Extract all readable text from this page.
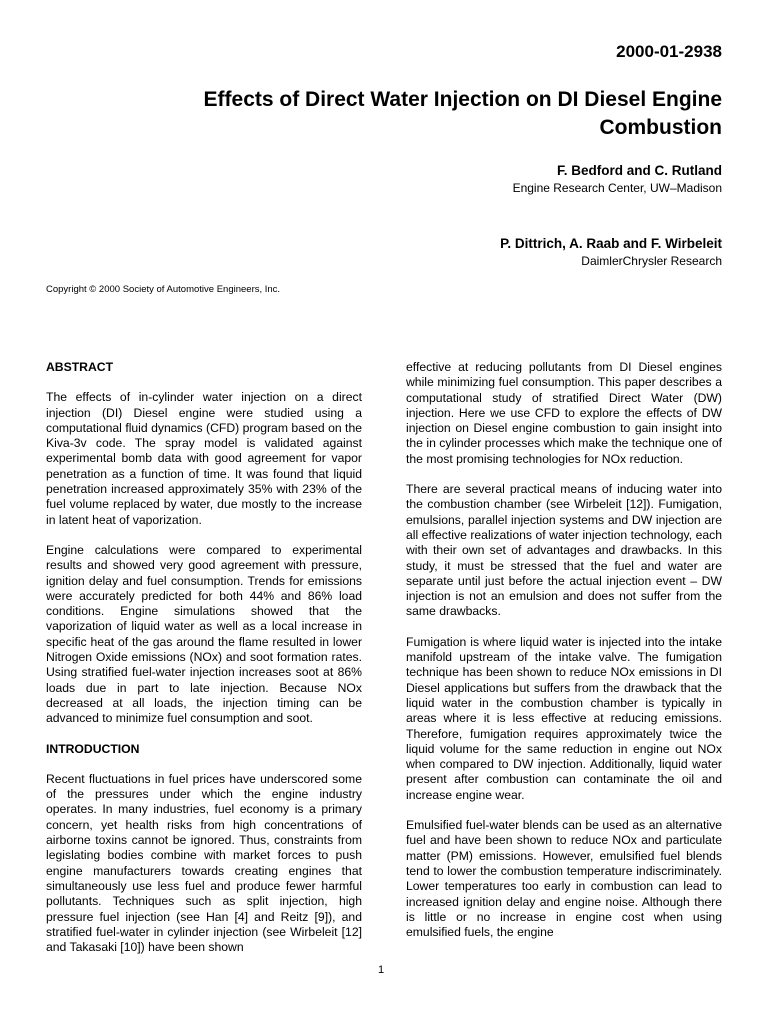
2000-01-2938
Effects of Direct Water Injection on DI Diesel Engine Combustion
F. Bedford and C. Rutland
Engine Research Center, UW–Madison
P. Dittrich, A. Raab and F. Wirbeleit
DaimlerChrysler Research
Copyright © 2000 Society of Automotive Engineers, Inc.
ABSTRACT

The effects of in-cylinder water injection on a direct injection (DI) Diesel engine were studied using a computational fluid dynamics (CFD) program based on the Kiva-3v code. The spray model is validated against experimental bomb data with good agreement for vapor penetration as a function of time. It was found that liquid penetration increased approximately 35% with 23% of the fuel volume replaced by water, due mostly to the increase in latent heat of vaporization.

Engine calculations were compared to experimental results and showed very good agreement with pressure, ignition delay and fuel consumption. Trends for emissions were accurately predicted for both 44% and 86% load conditions. Engine simulations showed that the vaporization of liquid water as well as a local increase in specific heat of the gas around the flame resulted in lower Nitrogen Oxide emissions (NOx) and soot formation rates. Using stratified fuel-water injection increases soot at 86% loads due in part to late injection. Because NOx decreased at all loads, the injection timing can be advanced to minimize fuel consumption and soot.

INTRODUCTION

Recent fluctuations in fuel prices have underscored some of the pressures under which the engine industry operates. In many industries, fuel economy is a primary concern, yet health risks from high concentrations of airborne toxins cannot be ignored. Thus, constraints from legislating bodies combine with market forces to push engine manufacturers towards creating engines that simultaneously use less fuel and produce fewer harmful pollutants. Techniques such as split injection, high pressure fuel injection (see Han [4] and Reitz [9]), and stratified fuel-water in cylinder injection (see Wirbeleit [12] and Takasaki [10]) have been shown

effective at reducing pollutants from DI Diesel engines while minimizing fuel consumption. This paper describes a computational study of stratified Direct Water (DW) injection. Here we use CFD to explore the effects of DW injection on Diesel engine combustion to gain insight into the in cylinder processes which make the technique one of the most promising technologies for NOx reduction.

There are several practical means of inducing water into the combustion chamber (see Wirbeleit [12]). Fumigation, emulsions, parallel injection systems and DW injection are all effective realizations of water injection technology, each with their own set of advantages and drawbacks. In this study, it must be stressed that the fuel and water are separate until just before the actual injection event – DW injection is not an emulsion and does not suffer from the same drawbacks.

Fumigation is where liquid water is injected into the intake manifold upstream of the intake valve. The fumigation technique has been shown to reduce NOx emissions in DI Diesel applications but suffers from the drawback that the liquid water in the combustion chamber is typically in areas where it is less effective at reducing emissions. Therefore, fumigation requires approximately twice the liquid volume for the same reduction in engine out NOx when compared to DW injection. Additionally, liquid water present after combustion can contaminate the oil and increase engine wear.

Emulsified fuel-water blends can be used as an alternative fuel and have been shown to reduce NOx and particulate matter (PM) emissions. However, emulsified fuel blends tend to lower the combustion temperature indiscriminately. Lower temperatures too early in combustion can lead to increased ignition delay and engine noise. Although there is little or no increase in engine cost when using emulsified fuels, the engine

1
